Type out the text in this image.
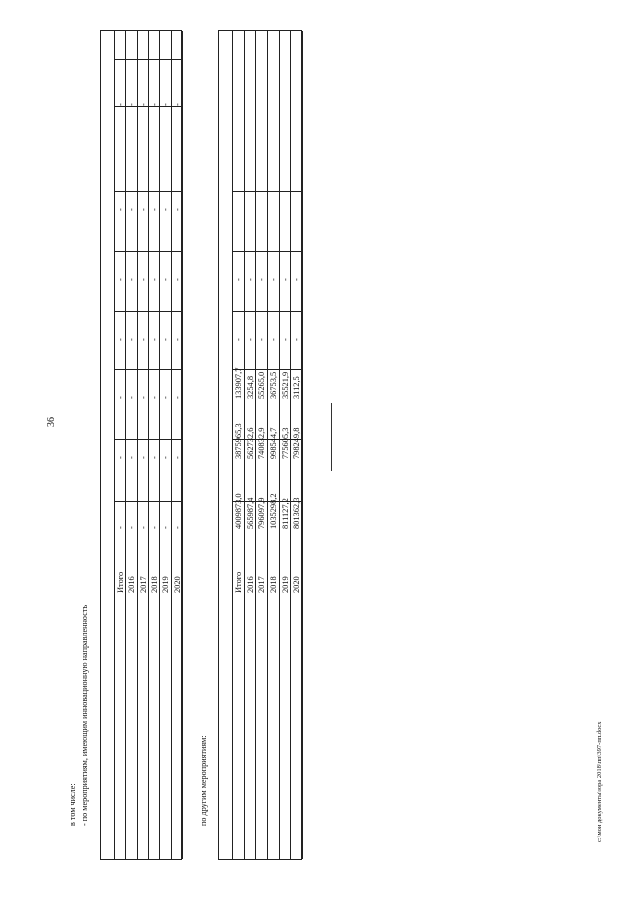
36
в том числе: - по мероприятиям, имеющим инновационную направленность
Итого
-
-
-
-
-
-
-
2016
-
-
-
-
-
-
-
2017
-
-
-
-
-
-
-
2018
-
-
-
-
-
-
-
2019
-
-
-
-
-
-
-
2020
-
-
-
-
-
-
-
по другим мероприятиям:
Итого
4009873,0
3875965,3
133907,7
-
-
2016
565987,4
562732,6
3254,8
-
-
2017
796097,9
740832,9
55265,0
-
-
2018
1035298,2
998544,7
36753,5
-
-
2019
811127,2
775605,3
35521,9
-
-
2020
801362,3
798249,8
3112,5
-
-
c:\мои документы\юра 2018\пп\397-пп.docx
